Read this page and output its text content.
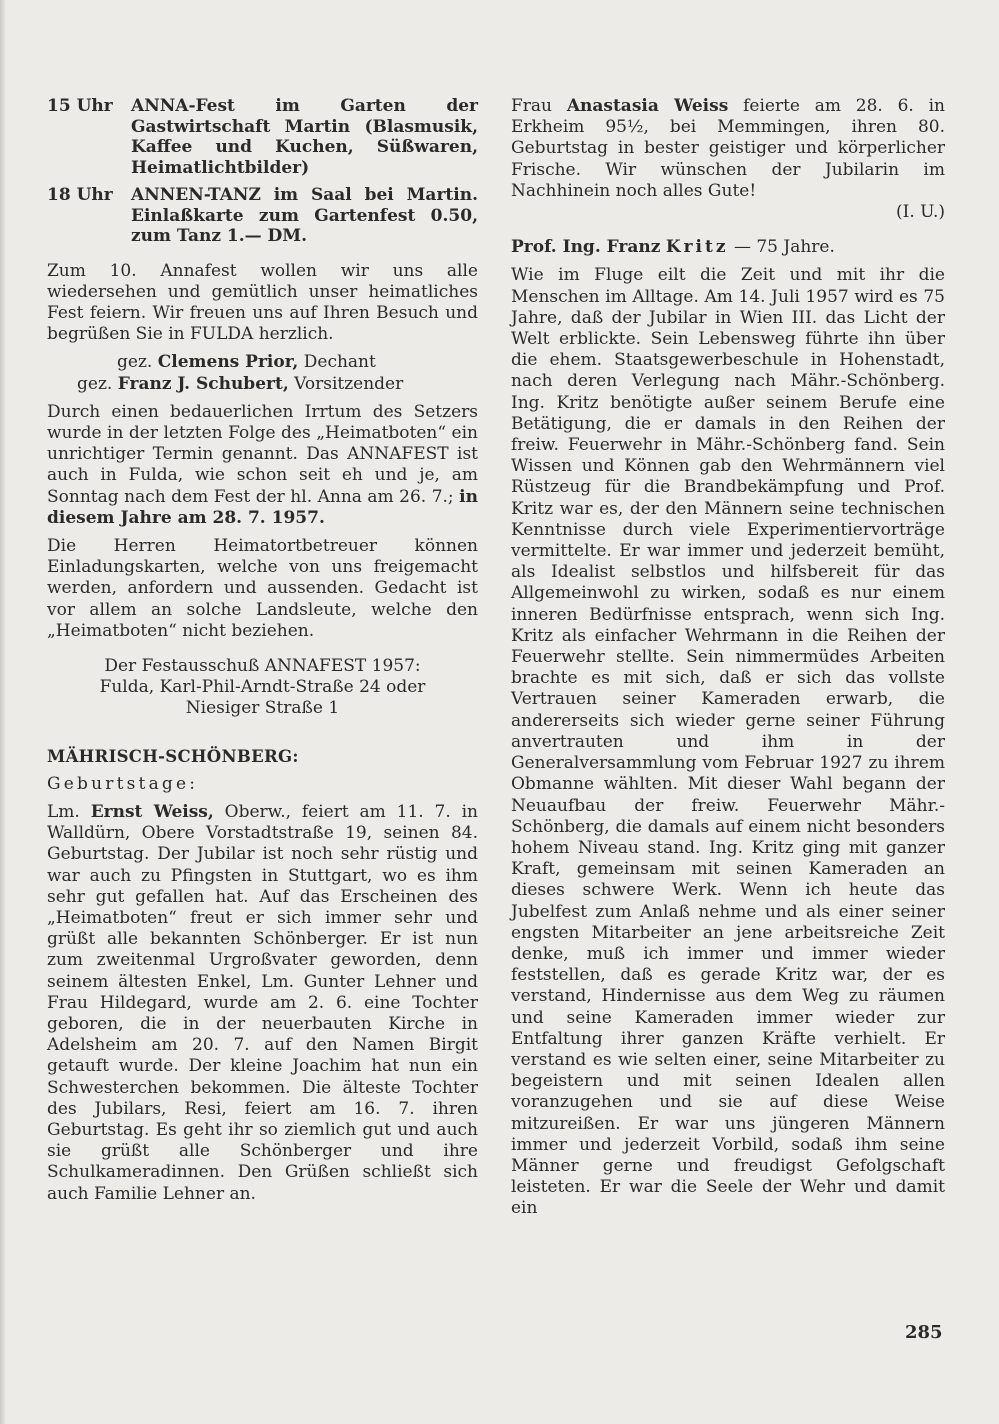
15 Uhr	ANNA-Fest im Garten der Gastwirtschaft Martin (Blasmusik, Kaffee und Kuchen, Süßwaren, Heimatlichtbilder)
18 Uhr	ANNEN-TANZ im Saal bei Martin. Einlaßkarte zum Gartenfest 0.50, zum Tanz 1.— DM.

Zum 10. Annafest wollen wir uns alle wiedersehen und gemütlich unser heimatliches Fest feiern. Wir freuen uns auf Ihren Besuch und begrüßen Sie in FULDA herzlich.

gez. Clemens Prior, Dechant

gez. Franz J. Schubert, Vorsitzender

Durch einen bedauerlichen Irrtum des Setzers wurde in der letzten Folge des „Heimatboten“ ein unrichtiger Termin genannt. Das ANNAFEST ist auch in Fulda, wie schon seit eh und je, am Sonntag nach dem Fest der hl. Anna am 26. 7.; in diesem Jahre am 28. 7. 1957.

Die Herren Heimatortbetreuer können Einladungskarten, welche von uns freigemacht werden, anfordern und aussenden. Gedacht ist vor allem an solche Landsleute, welche den „Heimatboten“ nicht beziehen.

Der Festausschuß ANNAFEST 1957:
Fulda, Karl-Phil-Arndt-Straße 24 oder
Niesiger Straße 1

MÄHRISCH-SCHÖNBERG:

Geburtstage:

Lm. Ernst Weiss, Oberw., feiert am 11. 7. in Walldürn, Obere Vorstadtstraße 19, seinen 84. Geburtstag. Der Jubilar ist noch sehr rüstig und war auch zu Pfingsten in Stuttgart, wo es ihm sehr gut gefallen hat. Auf das Erscheinen des „Heimatboten“ freut er sich immer sehr und grüßt alle bekannten Schönberger. Er ist nun zum zweitenmal Urgroßvater geworden, denn seinem ältesten Enkel, Lm. Gunter Lehner und Frau Hildegard, wurde am 2. 6. eine Tochter geboren, die in der neuerbauten Kirche in Adelsheim am 20. 7. auf den Namen Birgit getauft wurde. Der kleine Joachim hat nun ein Schwesterchen bekommen. Die älteste Tochter des Jubilars, Resi, feiert am 16. 7. ihren Geburtstag. Es geht ihr so ziemlich gut und auch sie grüßt alle Schönberger und ihre Schulkameradinnen. Den Grüßen schließt sich auch Familie Lehner an.

Frau Anastasia Weiss feierte am 28. 6. in Erkheim 95½, bei Memmingen, ihren 80. Geburtstag in bester geistiger und körperlicher Frische. Wir wünschen der Jubilarin im Nachhinein noch alles Gute!

(I. U.)

Prof. Ing. Franz Kritz — 75 Jahre.

Wie im Fluge eilt die Zeit und mit ihr die Menschen im Alltage. Am 14. Juli 1957 wird es 75 Jahre, daß der Jubilar in Wien III. das Licht der Welt erblickte. Sein Lebensweg führte ihn über die ehem. Staatsgewerbeschule in Hohenstadt, nach deren Verlegung nach Mähr.-Schönberg. Ing. Kritz benötigte außer seinem Berufe eine Betätigung, die er damals in den Reihen der freiw. Feuerwehr in Mähr.-Schönberg fand. Sein Wissen und Können gab den Wehrmännern viel Rüstzeug für die Brandbekämpfung und Prof. Kritz war es, der den Männern seine technischen Kenntnisse durch viele Experimentiervorträge vermittelte. Er war immer und jederzeit bemüht, als Idealist selbstlos und hilfsbereit für das Allgemeinwohl zu wirken, sodaß es nur einem inneren Bedürfnisse entsprach, wenn sich Ing. Kritz als einfacher Wehrmann in die Reihen der Feuerwehr stellte. Sein nimmermüdes Arbeiten brachte es mit sich, daß er sich das vollste Vertrauen seiner Kameraden erwarb, die andererseits sich wieder gerne seiner Führung anvertrauten und ihm in der Generalversammlung vom Februar 1927 zu ihrem Obmanne wählten. Mit dieser Wahl begann der Neuaufbau der freiw. Feuerwehr Mähr.-Schönberg, die damals auf einem nicht besonders hohem Niveau stand. Ing. Kritz ging mit ganzer Kraft, gemeinsam mit seinen Kameraden an dieses schwere Werk. Wenn ich heute das Jubelfest zum Anlaß nehme und als einer seiner engsten Mitarbeiter an jene arbeitsreiche Zeit denke, muß ich immer und immer wieder feststellen, daß es gerade Kritz war, der es verstand, Hindernisse aus dem Weg zu räumen und seine Kameraden immer wieder zur Entfaltung ihrer ganzen Kräfte verhielt. Er verstand es wie selten einer, seine Mitarbeiter zu begeistern und mit seinen Idealen allen voranzugehen und sie auf diese Weise mitzureißen. Er war uns jüngeren Männern immer und jederzeit Vorbild, sodaß ihm seine Männer gerne und freudigst Gefolgschaft leisteten. Er war die Seele der Wehr und damit ein

285
